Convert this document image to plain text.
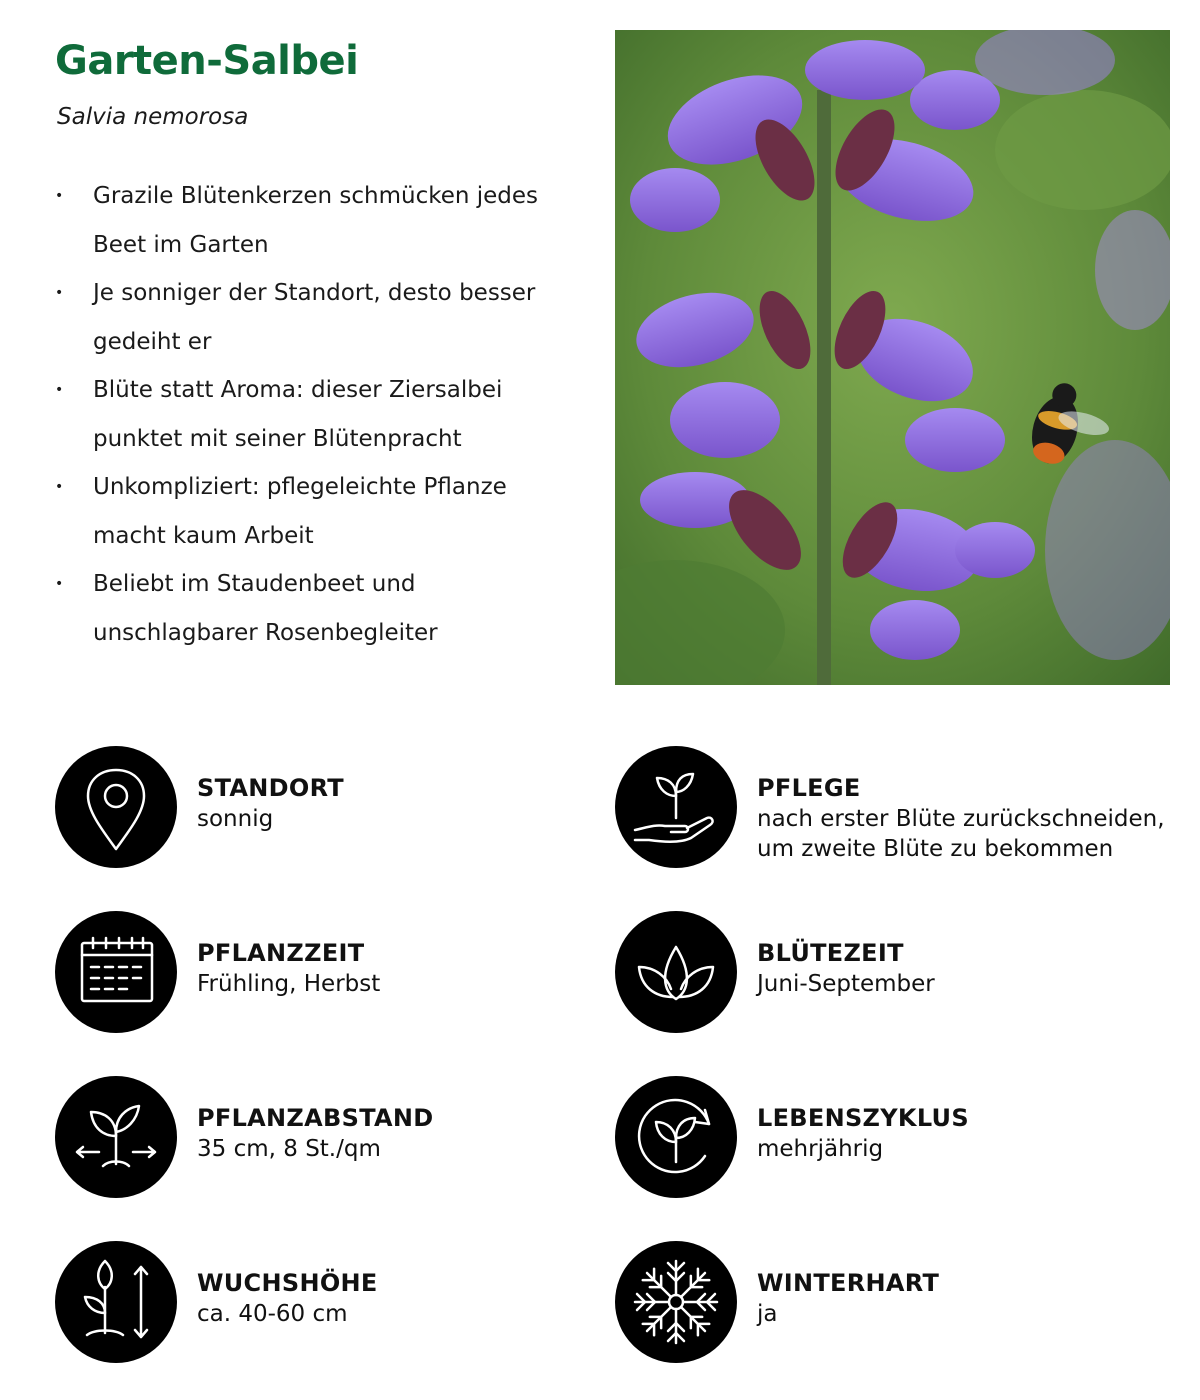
Garten-Salbei

Salvia nemorosa

• Grazile Blütenkerzen schmücken jedes Beet im Garten
• Je sonniger der Standort, desto besser gedeiht er
• Blüte statt Aroma: dieser Ziersalbei punktet mit seiner Blütenpracht
• Unkompliziert: pflegeleichte Pflanze macht kaum Arbeit
• Beliebt im Staudenbeet und unschlagbarer Rosenbegleiter
STANDORT
sonnig
PFLEGE
nach erster Blüte zurückschneiden, um zweite Blüte zu bekommen
PFLANZZEIT
Frühling, Herbst
BLÜTEZEIT
Juni-September
PFLANZABSTAND
35 cm, 8 St./qm
LEBENSZYKLUS
mehrjährig
WUCHSHÖHE
ca. 40-60 cm
WINTERHART
ja
